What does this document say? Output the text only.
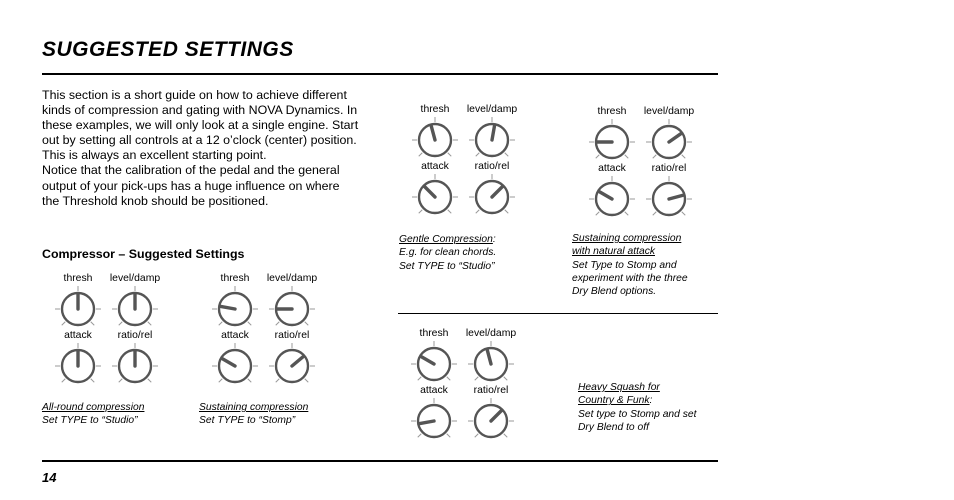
SUGGESTED SETTINGS

This section is a short guide on how to achieve different kinds of compression and gating with NOVA Dynamics. In these examples, we will only look at a single engine. Start out by setting all controls at a 12 o’clock (center) position. This is always an excellent starting point.

Notice that the calibration of the pedal and the general output of your pick-ups has a huge influence on where the Threshold knob should be positioned.

Compressor – Suggested Settings
thresh level/damp
attack ratio/rel
All-round compression
Set TYPE to “Studio”
thresh level/damp
attack ratio/rel
Sustaining compression
Set TYPE to “Stomp”
thresh level/damp
attack ratio/rel
Gentle Compression:
E.g. for clean chords.
Set TYPE to “Studio”
thresh level/damp
attack ratio/rel
Sustaining compression
with natural attack
Set Type to Stomp and
experiment with the three
Dry Blend options.
thresh level/damp
attack ratio/rel	Heavy Squash for
Country & Funk:
Set type to Stomp and set
Dry Blend to off
14
